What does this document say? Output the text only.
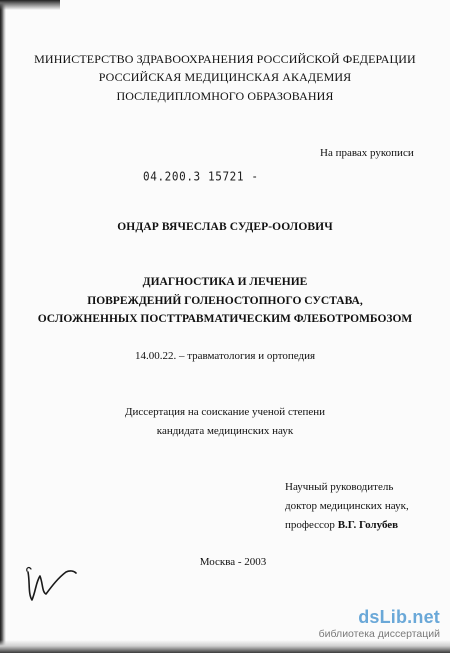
МИНИСТЕРСТВО ЗДРАВООХРАНЕНИЯ РОССИЙСКОЙ ФЕДЕРАЦИИ
РОССИЙСКАЯ МЕДИЦИНСКАЯ АКАДЕМИЯ
ПОСЛЕДИПЛОМНОГО ОБРАЗОВАНИЯ
На правах рукописи
04.200.3 15721 -
ОНДАР ВЯЧЕСЛАВ СУДЕР-ООЛОВИЧ
ДИАГНОСТИКА И ЛЕЧЕНИЕ
ПОВРЕЖДЕНИЙ ГОЛЕНОСТОПНОГО СУСТАВА,
ОСЛОЖНЕННЫХ ПОСТТРАВМАТИЧЕСКИМ ФЛЕБОТРОМБОЗОМ
14.00.22. – травматология и ортопедия
Диссертация на соискание ученой степени
кандидата медицинских наук
Научный руководитель
доктор медицинских наук,
профессор В.Г. Голубев
Москва - 2003
dsLib.net
библиотека диссертаций
